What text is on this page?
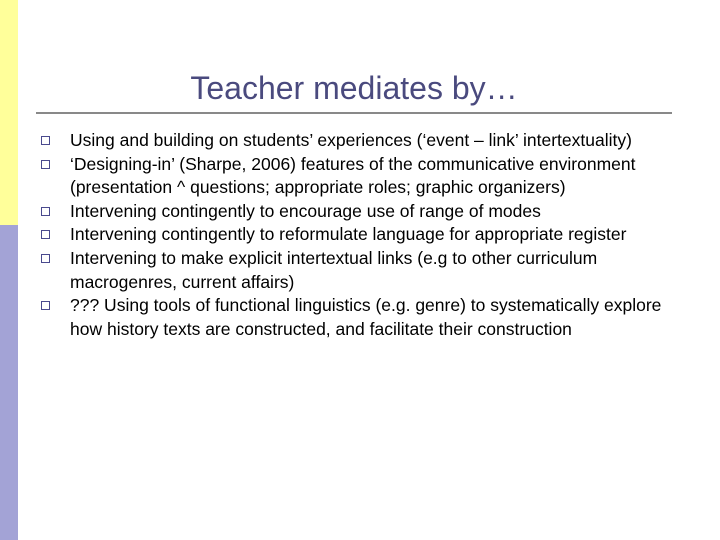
Teacher mediates by…
Using and building on students’ experiences (‘event – link’ intertextuality)
‘Designing-in’ (Sharpe, 2006) features of the communicative environment (presentation ^ questions; appropriate roles; graphic organizers)
Intervening contingently to encourage use of range of modes
Intervening contingently to reformulate language for appropriate register
Intervening to make explicit intertextual links (e.g to other curriculum macrogenres, current affairs)
??? Using tools of functional linguistics (e.g. genre) to systematically explore how history texts are constructed, and facilitate their construction
